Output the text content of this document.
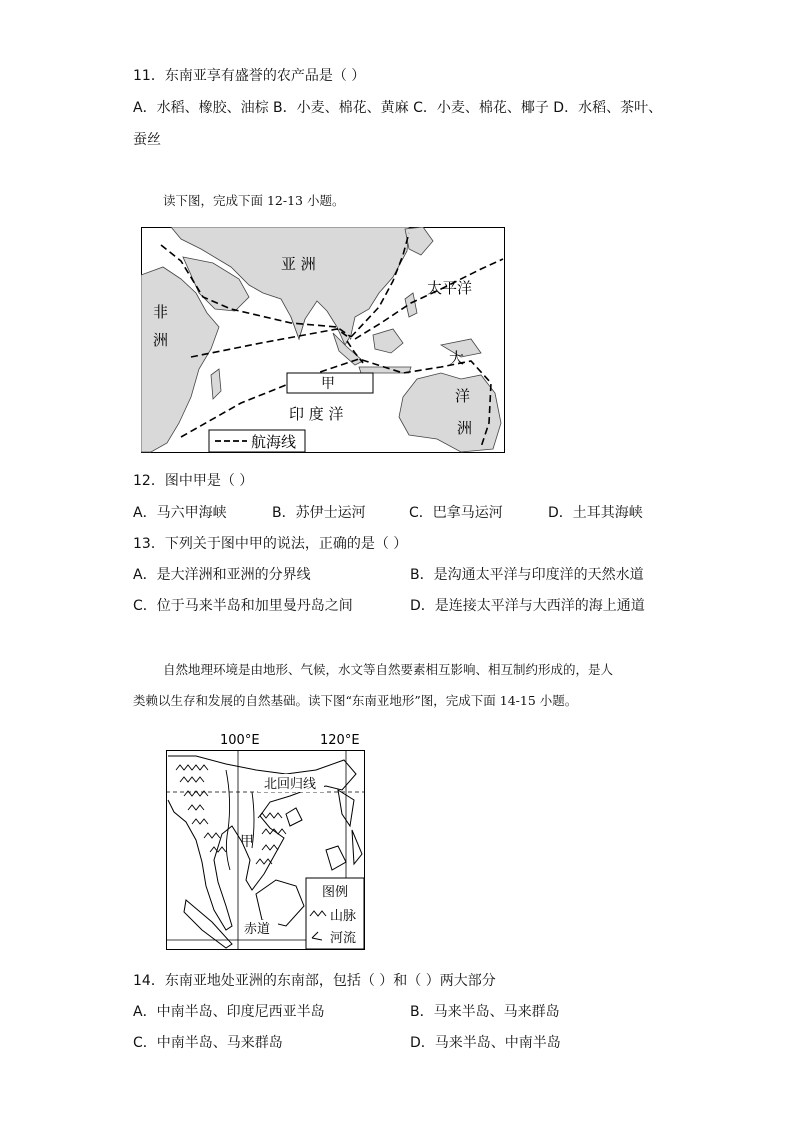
11．东南亚享有盛誉的农产品是（ ）
A．水稻、橡胶、油棕 B．小麦、棉花、黄麻 C．小麦、棉花、椰子 D．水稻、茶叶、
蚕丝
读下图，完成下面 12-13 小题。
亚 洲
非
洲
太平洋
甲
印 度 洋
大
洋
洲
航海线
12．图中甲是（ ）
A．马六甲海峡	B．苏伊士运河	C．巴拿马运河	D．土耳其海峡
13．下列关于图中甲的说法，正确的是（ ）
A．是大洋洲和亚洲的分界线	B．是沟通太平洋与印度洋的天然水道
C．位于马来半岛和加里曼丹岛之间	D．是连接太平洋与大西洋的海上通道
自然地理环境是由地形、气候，水文等自然要素相互影响、相互制约形成的，是人
类赖以生存和发展的自然基础。读下图“东南亚地形”图，完成下面 14-15 小题。
100°E	120°E
北回归线
甲
赤道
图例
山脉
河流
14．东南亚地处亚洲的东南部，包括（ ）和（ ）两大部分
A．中南半岛、印度尼西亚半岛	B．马来半岛、马来群岛
C．中南半岛、马来群岛	D．马来半岛、中南半岛
